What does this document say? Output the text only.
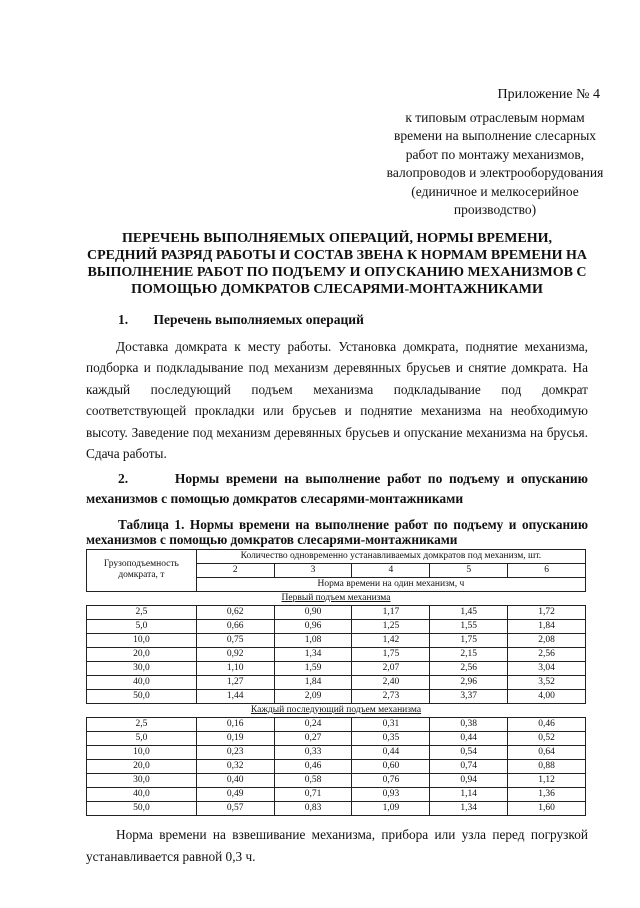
Приложение № 4
к типовым отраслевым нормам
времени на выполнение слесарных
работ по монтажу механизмов,
валопроводов и электрооборудования
(единичное и мелкосерийное
производство)
ПЕРЕЧЕНЬ ВЫПОЛНЯЕМЫХ ОПЕРАЦИЙ, НОРМЫ ВРЕМЕНИ, СРЕДНИЙ РАЗРЯД РАБОТЫ И СОСТАВ ЗВЕНА К НОРМАМ ВРЕМЕНИ НА ВЫПОЛНЕНИЕ РАБОТ ПО ПОДЪЕМУ И ОПУСКАНИЮ МЕХАНИЗМОВ С ПОМОЩЬЮ ДОМКРАТОВ СЛЕСАРЯМИ-МОНТАЖНИКАМИ
1. Перечень выполняемых операций
Доставка домкрата к месту работы. Установка домкрата, поднятие механизма, подборка и подкладывание под механизм деревянных брусьев и снятие домкрата. На каждый последующий подъем механизма подкладывание под домкрат соответствующей прокладки или брусьев и поднятие механизма на необходимую высоту. Заведение под механизм деревянных брусьев и опускание механизма на брусья. Сдача работы.
2.	Нормы времени на выполнение работ по подъему и опусканию механизмов с помощью домкратов слесарями-монтажниками
Таблица 1. Нормы времени на выполнение работ по подъему и опусканию механизмов с помощью домкратов слесарями-монтажниками
Грузоподъемность домкрата, т	Количество одновременно устанавливаемых домкратов под механизм, шт.				
	2	3	4	5	6
	Норма времени на один механизм, ч				
Первый подъем механизма					
2,5	0,62	0,90	1,17	1,45	1,72
5,0	0,66	0,96	1,25	1,55	1,84
10,0	0,75	1,08	1,42	1,75	2,08
20,0	0,92	1,34	1,75	2,15	2,56
30,0	1,10	1,59	2,07	2,56	3,04
40,0	1,27	1,84	2,40	2,96	3,52
50,0	1,44	2,09	2,73	3,37	4,00
Каждый последующий подъем механизма					
2,5	0,16	0,24	0,31	0,38	0,46
5,0	0,19	0,27	0,35	0,44	0,52
10,0	0,23	0,33	0,44	0,54	0,64
20,0	0,32	0,46	0,60	0,74	0,88
30,0	0,40	0,58	0,76	0,94	1,12
40,0	0,49	0,71	0,93	1,14	1,36
50,0	0,57	0,83	1,09	1,34	1,60
Норма времени на взвешивание механизма, прибора или узла перед погрузкой устанавливается равной 0,3 ч.
